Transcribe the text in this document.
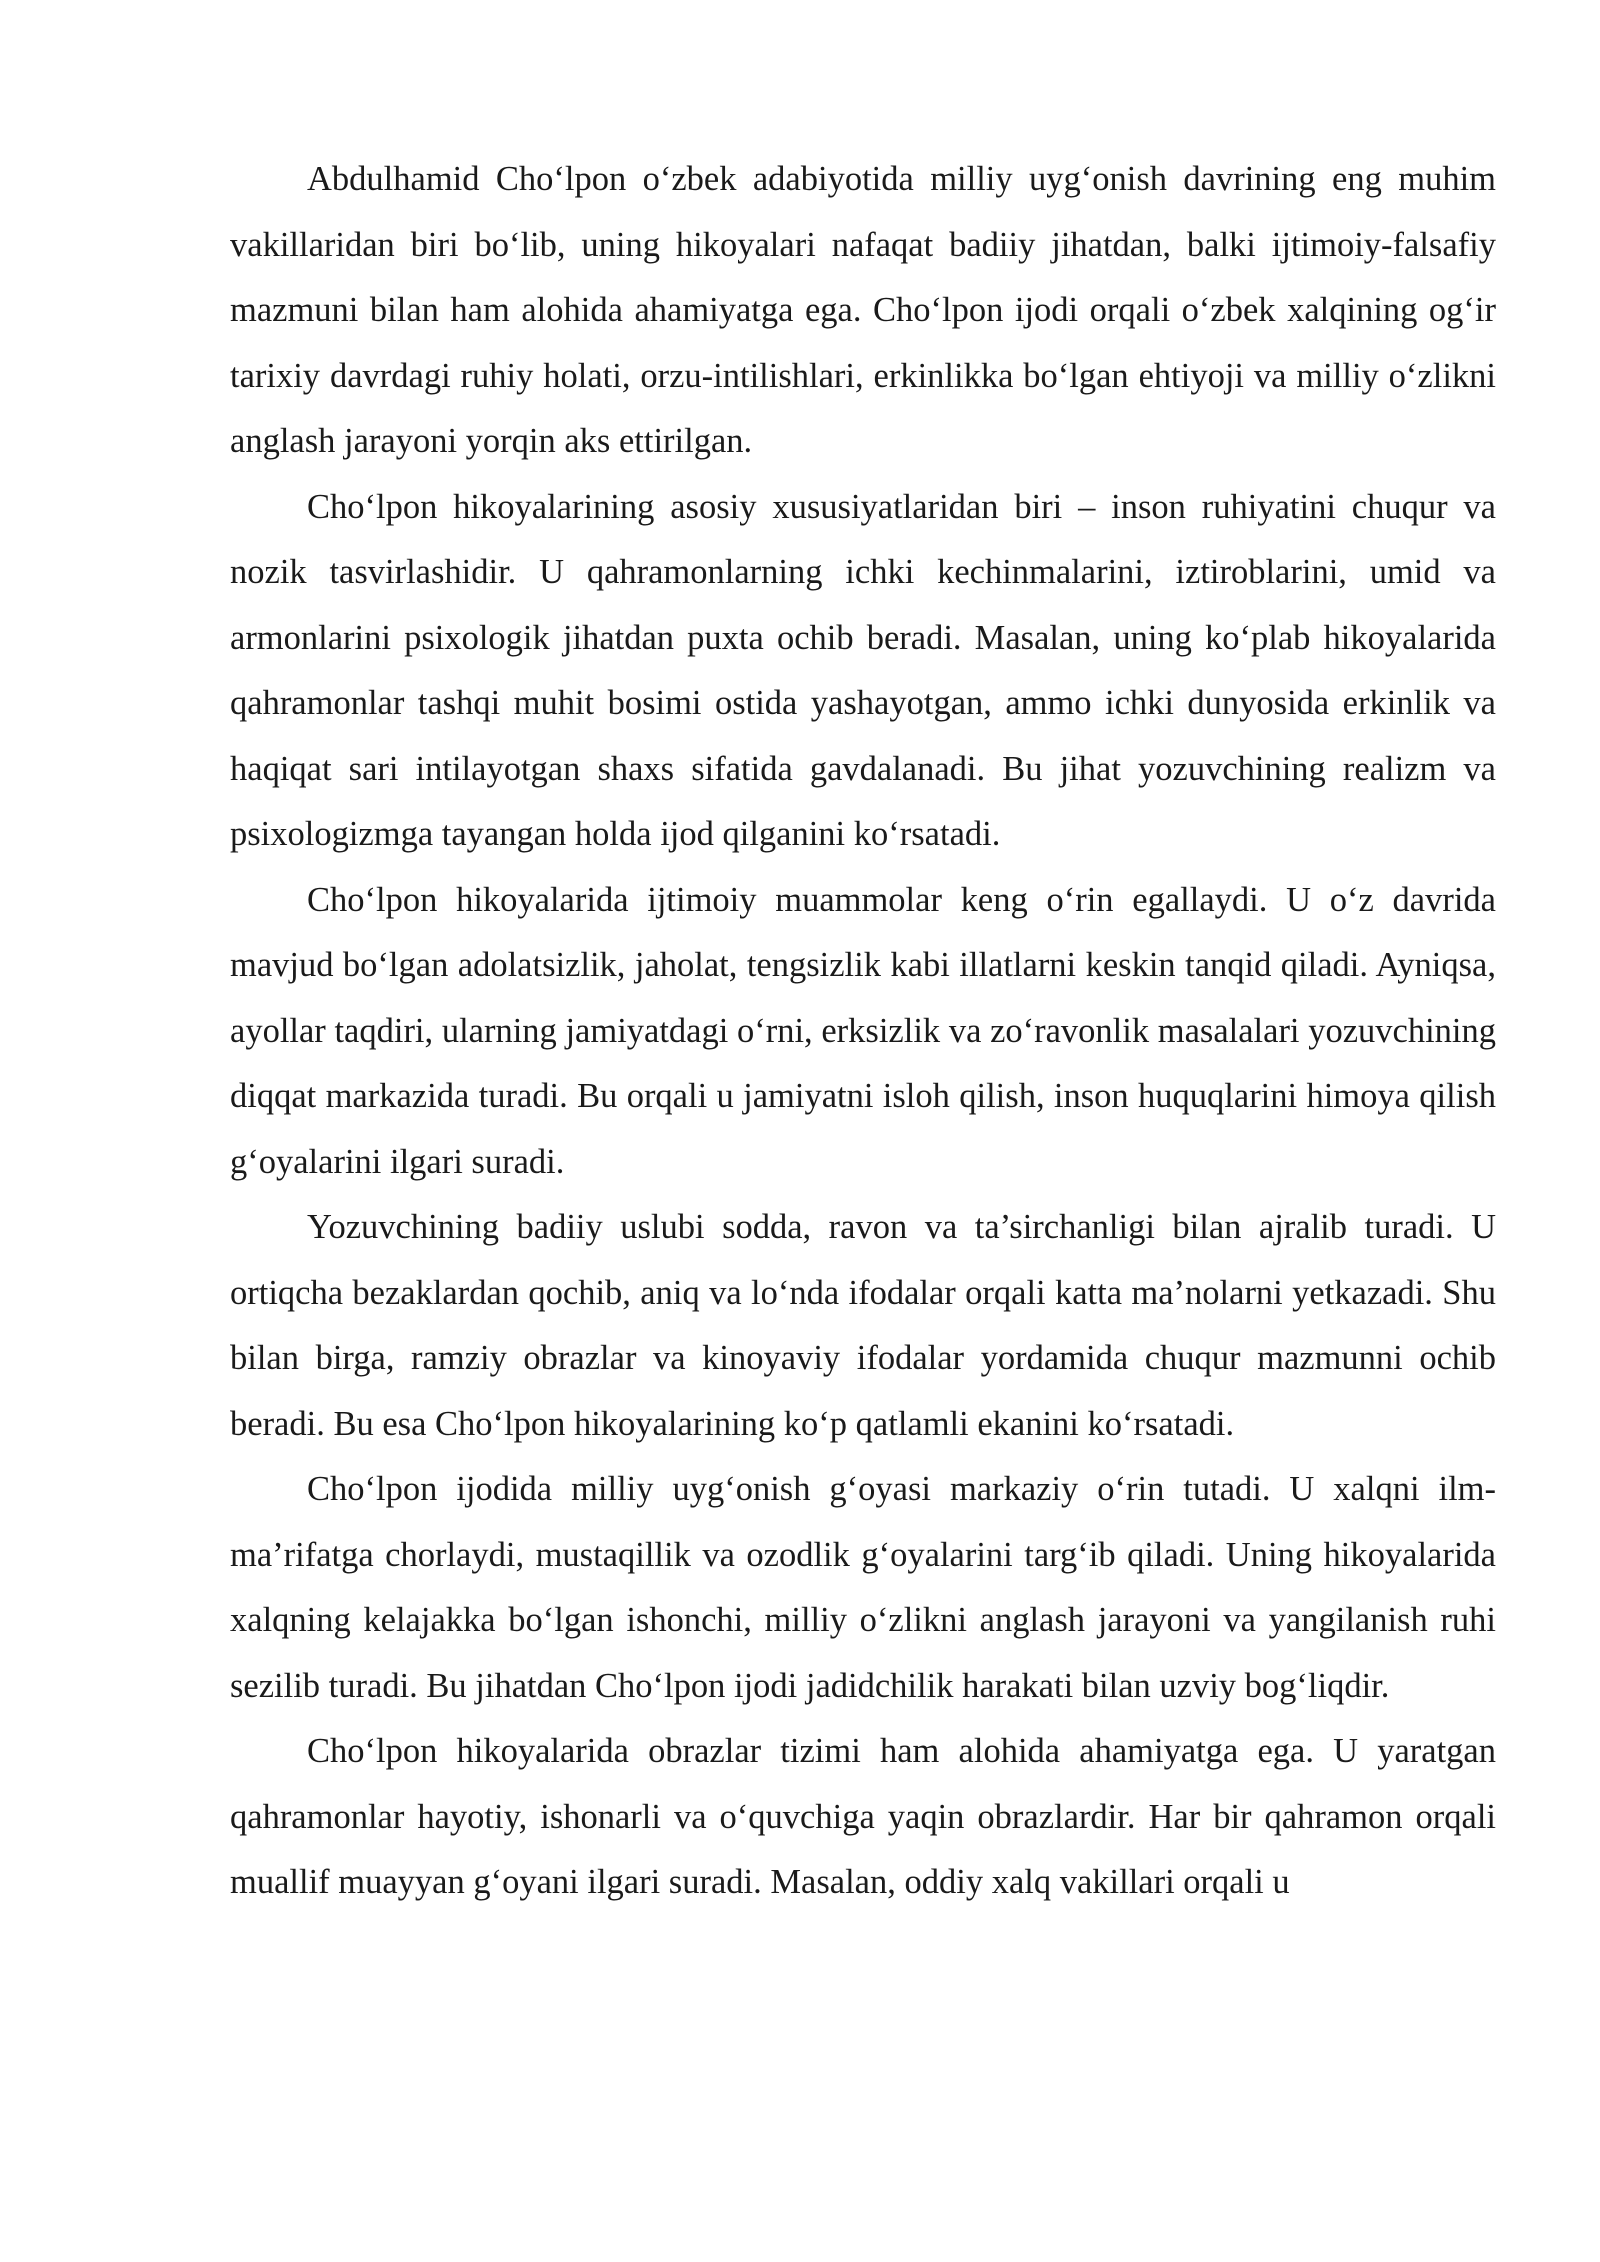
Abdulhamid Cho‘lpon o‘zbek adabiyotida milliy uyg‘onish davrining eng muhim vakillaridan biri bo‘lib, uning hikoyalari nafaqat badiiy jihatdan, balki ijtimoiy-falsafiy mazmuni bilan ham alohida ahamiyatga ega. Cho‘lpon ijodi orqali o‘zbek xalqining og‘ir tarixiy davrdagi ruhiy holati, orzu-intilishlari, erkinlikka bo‘lgan ehtiyoji va milliy o‘zlikni anglash jarayoni yorqin aks ettirilgan.

Cho‘lpon hikoyalarining asosiy xususiyatlaridan biri – inson ruhiyatini chuqur va nozik tasvirlashidir. U qahramonlarning ichki kechinmalarini, iztiroblarini, umid va armonlarini psixologik jihatdan puxta ochib beradi. Masalan, uning ko‘plab hikoyalarida qahramonlar tashqi muhit bosimi ostida yashayotgan, ammo ichki dunyosida erkinlik va haqiqat sari intilayotgan shaxs sifatida gavdalanadi. Bu jihat yozuvchining realizm va psixologizmga tayangan holda ijod qilganini ko‘rsatadi.

Cho‘lpon hikoyalarida ijtimoiy muammolar keng o‘rin egallaydi. U o‘z davrida mavjud bo‘lgan adolatsizlik, jaholat, tengsizlik kabi illatlarni keskin tanqid qiladi. Ayniqsa, ayollar taqdiri, ularning jamiyatdagi o‘rni, erksizlik va zo‘ravonlik masalalari yozuvchining diqqat markazida turadi. Bu orqali u jamiyatni isloh qilish, inson huquqlarini himoya qilish g‘oyalarini ilgari suradi.

Yozuvchining badiiy uslubi sodda, ravon va ta’sirchanligi bilan ajralib turadi. U ortiqcha bezaklardan qochib, aniq va lo‘nda ifodalar orqali katta ma’nolarni yetkazadi. Shu bilan birga, ramziy obrazlar va kinoyaviy ifodalar yordamida chuqur mazmunni ochib beradi. Bu esa Cho‘lpon hikoyalarining ko‘p qatlamli ekanini ko‘rsatadi.

Cho‘lpon ijodida milliy uyg‘onish g‘oyasi markaziy o‘rin tutadi. U xalqni ilm-ma’rifatga chorlaydi, mustaqillik va ozodlik g‘oyalarini targ‘ib qiladi. Uning hikoyalarida xalqning kelajakka bo‘lgan ishonchi, milliy o‘zlikni anglash jarayoni va yangilanish ruhi sezilib turadi. Bu jihatdan Cho‘lpon ijodi jadidchilik harakati bilan uzviy bog‘liqdir.

Cho‘lpon hikoyalarida obrazlar tizimi ham alohida ahamiyatga ega. U yaratgan qahramonlar hayotiy, ishonarli va o‘quvchiga yaqin obrazlardir. Har bir qahramon orqali muallif muayyan g‘oyani ilgari suradi. Masalan, oddiy xalq vakillari orqali u
